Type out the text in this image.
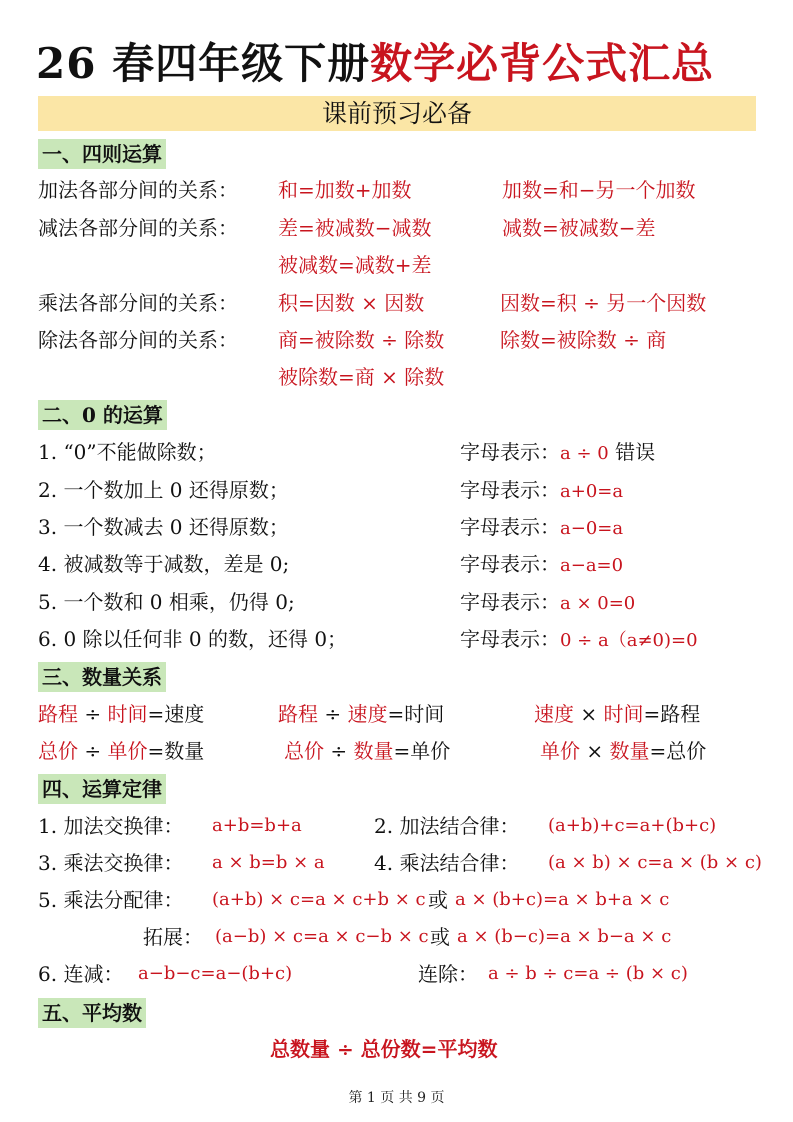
26 春四年级下册数学必背公式汇总
课前预习必备
一、四则运算
加法各部分间的关系： 和=加数+加数	加数=和−另一个加数
减法各部分间的关系： 差=被减数−减数	减数=被减数−差
被减数=减数+差
乘法各部分间的关系： 积=因数 × 因数	因数=积 ÷ 另一个因数
除法各部分间的关系： 商=被除数 ÷ 除数	除数=被除数 ÷ 商
被除数=商 × 除数
二、0 的运算
1. “0”不能做除数；	字母表示：a ÷ 0 错误
2. 一个数加上 0 还得原数；	字母表示：a+0=a
3. 一个数减去 0 还得原数；	字母表示：a−0=a
4. 被减数等于减数，差是 0;	字母表示：a−a=0
5. 一个数和 0 相乘，仍得 0;	字母表示：a × 0=0
6. 0 除以任何非 0 的数，还得 0；	字母表示：0 ÷ a（a≠0)=0
三、数量关系
路程 ÷ 时间=速度	路程 ÷ 速度=时间	速度 × 时间=路程
总价 ÷ 单价=数量	总价 ÷ 数量=单价	单价 × 数量=总价
四、运算定律
1. 加法交换律： a+b=b+a	2. 加法结合律： (a+b)+c=a+(b+c)
3. 乘法交换律： a × b=b × a 4. 乘法结合律： (a × b) × c=a × (b × c)
5. 乘法分配律： (a+b) × c=a × c+b × c 或 a × (b+c)=a × b+a × c
拓展： (a−b) × c=a × c−b × c 或 a × (b−c)=a × b−a × c
6. 连减： a−b−c=a−(b+c)	连除： a ÷ b ÷ c=a ÷ (b × c)
五、平均数
总数量 ÷ 总份数=平均数
第 1 页 共 9 页
